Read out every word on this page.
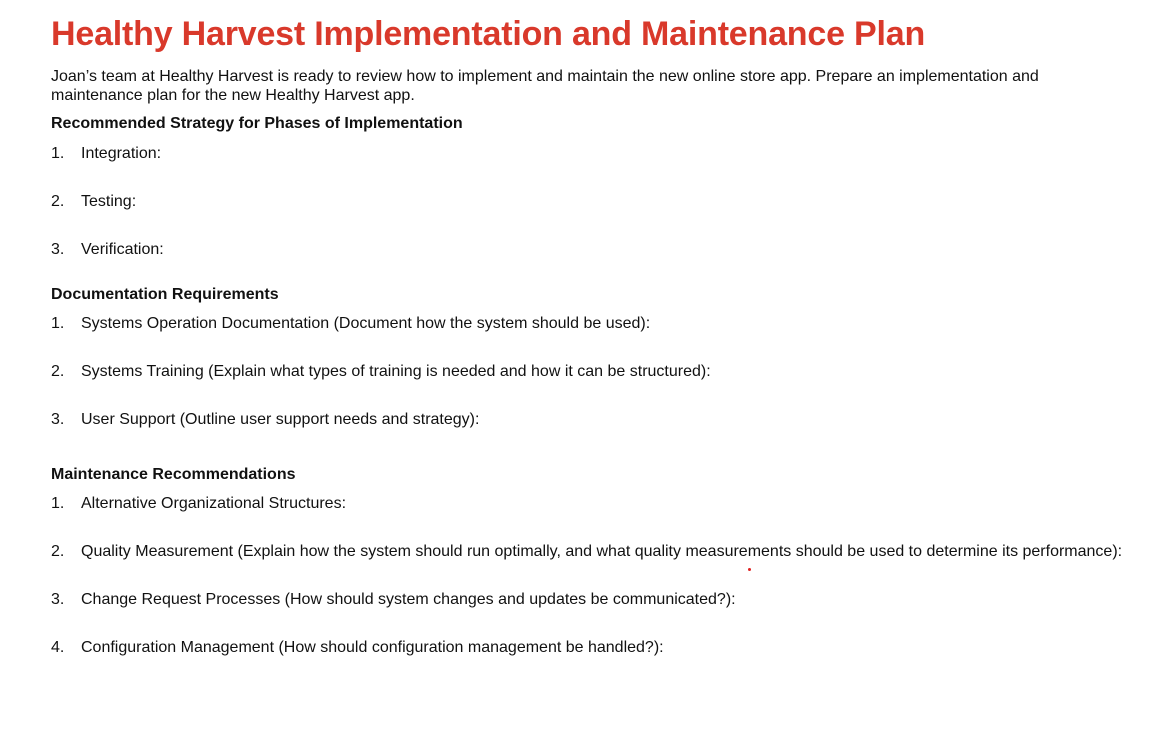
Healthy Harvest Implementation and Maintenance Plan

Joan’s team at Healthy Harvest is ready to review how to implement and maintain the new online store app. Prepare an implementation and maintenance plan for the new Healthy Harvest app.

Recommended Strategy for Phases of Implementation
1.	Integration:
2.	Testing:
3.	Verification:
Documentation Requirements
1.	Systems Operation Documentation (Document how the system should be used):
2.	Systems Training (Explain what types of training is needed and how it can be structured):
3.	User Support (Outline user support needs and strategy):
Maintenance Recommendations
1.	Alternative Organizational Structures:
2.	Quality Measurement (Explain how the system should run optimally, and what quality measurements should be used to determine its performance):
3.	Change Request Processes (How should system changes and updates be communicated?):
4.	Configuration Management (How should configuration management be handled?):
